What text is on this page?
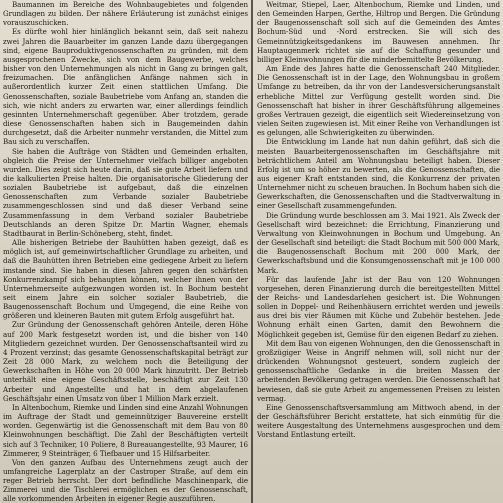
Baumannen im Bereiche des Wohnbaugebietes und folgenden Grundlagen zu bilden. Der nähere Erläuterung ist zunächst einiges vorauszuschicken.

Es dürfte wohl hier hinlänglich bekannt sein, daß seit nahezu zwei Jahren die Bauarbeiter im ganzen Lande dazu übergegangen sind, eigene Bauproduktivgenossenschaften zu gründen, mit dem ausgesprochenen Zwecke, sich von dem Baugewerbe, welches bisher von den Unternehmungen als nicht in Gang zu bringen galt, freizumachen. Die anfänglichen Anfänge nahmen sich in außerordentlich kurzer Zeit einen stattlichen Umfang. Die Genossenschaften, soziale Baubetriebe vom Anfang an, standen die sich, wie nicht anders zu erwarten war, einer allerdings feindlich gesinnten Unternehmerschaft gegenüber. Aber trotzdem, gerade diese Genossenschaften haben sich in Baugemeinden dahin durchgesetzt, daß die Arbeiter nunmehr verstanden, die Mittel zum Bau sich zu verschaffen.

Sie haben die Aufträge von Städten und Gemeinden erhalten, obgleich die Preise der Unternehmer vielfach billiger angeboten wurden. Dies zeigt sich heute darin, daß sie gute Arbeit liefern und die kalkulierten Preise halten. Die organisatorische Gliederung der sozialen Baubetriebe ist aufgebaut, daß die einzelnen Genossenschaften zum Verbande sozialer Baubetriebe zusammengeschlossen sind und daß dieser Verband seine Zusammenfassung in dem Verband sozialer Baubetriebe Deutschlands an deren Spitze Dr. Martin Wagner, ehemals Stadtbaurat in Berlin-Schöneberg, steht, findet.

Alle bisherigen Betriebe der Bauhütten haben gezeigt, daß es möglich ist, auf gemeinwirtschaftlicher Grundlage zu arbeiten, und daß die Bauhütten ihren Betrieben eine gediegene Arbeit zu liefern imstande sind. Sie haben in diesen Jahren gegen den schärfsten Konkurrenzkampf sich behaupten können, welcher ihnen von der Unternehmerseite aufgezwungen worden ist. In Bochum besteht seit einem Jahre ein solcher sozialer Baubetrieb, die Baugenossenschaft Bochum und Umgegend, die eine Reihe von größeren und kleineren Bauten mit gutem Erfolg ausgeführt hat.

Zur Gründung der Genossenschaft gehören Anteile, deren Höhe auf 200 Mark festgesetzt worden ist, und die bisher von 140 Mitgliedern gezeichnet wurden. Der Genossenschaftsanteil wird zu 4 Prozent verzinst; das gesamte Genossenschaftskapital beträgt zur Zeit 28 000 Mark, zu welchem noch die Beteiligung der Gewerkschaften in Höhe von 20 000 Mark hinzutritt. Der Betrieb unterhält eine eigene Geschäftsstelle, beschäftigt zur Zeit 130 Arbeiter und Angestellte und hat in dem abgelaufenen Geschäftsjahr einen Umsatz von über 1 Million Mark erzielt.

In Altenbochum, Riemke und Linden sind eine Anzahl Wohnungen im Auftrage der Stadt und gemeinnütziger Bauvereine erstellt worden. Gegenwärtig ist die Genossenschaft mit dem Bau von 80 Kleinwohnungen beschäftigt. Die Zahl der Beschäftigten verteilt sich auf 3 Techniker, 10 Poliere, 8 Bureauangestellte, 93 Maurer, 16 Zimmerer, 9 Steinträger, 6 Tiefbauer und 15 Hilfsarbeiter.

Von den ganzen Aufbau des Unternehmens zeugt auch der umfangreiche Lagerplatz an der Castroper Straße, auf dem ein reger Betrieb herrscht. Der dort befindliche Maschinenpark, die Zimmerei und die Tischlerei ermöglichen es der Genossenschaft, alle vorkommenden Arbeiten in eigener Regie auszuführen.

Weitmar, Stiepel, Laer, Altenbochum, Riemke und Linden, und den Gemeinden Harpen, Gerthe, Hiltrop und Bergen. Die Gründung der Baugenossenschaft soll sich auf die Gemeinden des Amtes Bochum-Süd und -Nord erstrecken. Sie will sich des Gemeinnützigkeitsgedankens im Bauwesen annehmen. Ihr Hauptaugenmerk richtet sie auf die Schaffung gesunder und billiger Kleinwohnungen für die minderbemittelte Bevölkerung.

Am Ende des Jahres hatte die Genossenschaft 240 Mitglieder. Die Genossenschaft ist in der Lage, den Wohnungsbau in großem Umfange zu betreiben, da ihr von der Landesversicherungsanstalt erhebliche Mittel zur Verfügung gestellt worden sind. Die Genossenschaft hat bisher in ihrer Geschäftsführung allgemeines großes Vertrauen gezeigt, die eigentlich seit Wiedereinsetzung von vielen Seiten zugewiesen ist. Mit einer Reihe von Verhandlungen ist es gelungen, alle Schwierigkeiten zu überwinden.

Die Entwicklung im Lande hat nun dahin geführt, daß sich die meisten Bauarbeitergenossenschaften im Geschäftsjahre mit beträchtlichem Anteil am Wohnungsbau beteiligt haben. Dieser Erfolg ist um so höher zu bewerten, als die Genossenschaften, die aus eigener Kraft entstanden sind, die Konkurrenz der privaten Unternehmer nicht zu scheuen brauchen. In Bochum haben sich die Gewerkschaften, die Genossenschaften und die Stadtverwaltung in einer Gesellschaft zusammengefunden.

Die Gründung wurde beschlossen am 3. Mai 1921. Als Zweck der Gesellschaft wird bezeichnet: die Errichtung, Finanzierung und Verwaltung von Kleinwohnungen in Bochum und Umgebung. An der Gesellschaft sind beteiligt: die Stadt Bochum mit 500 000 Mark, die Baugenossenschaft Bochum mit 200 000 Mark, der Gewerkschaftsbund und die Konsumgenossenschaft mit je 100 000 Mark.

Für das laufende Jahr ist der Bau von 120 Wohnungen vorgesehen, deren Finanzierung durch die bereitgestellten Mittel der Reichs- und Landesdarlehen gesichert ist. Die Wohnungen sollen in Doppel- und Reihenhäusern errichtet werden und jeweils aus drei bis vier Räumen mit Küche und Zubehör bestehen. Jede Wohnung erhält einen Garten, damit den Bewohnern die Möglichkeit gegeben ist, Gemüse für den eigenen Bedarf zu ziehen.

Mit dem Bau von eigenen Wohnungen, den die Genossenschaft in großzügiger Weise in Angriff nehmen will, soll nicht nur der drückenden Wohnungsnot gesteuert, sondern zugleich der genossenschaftliche Gedanke in die breiten Massen der arbeitenden Bevölkerung getragen werden. Die Genossenschaft hat bewiesen, daß sie gute Arbeit zu angemessenen Preisen zu leisten vermag.

Eine Genossenschaftsversammlung am Mittwoch abend, in der der Geschäftsführer Bericht erstattete, hat sich einmütig für die weitere Ausgestaltung des Unternehmens ausgesprochen und dem Vorstand Entlastung erteilt.
